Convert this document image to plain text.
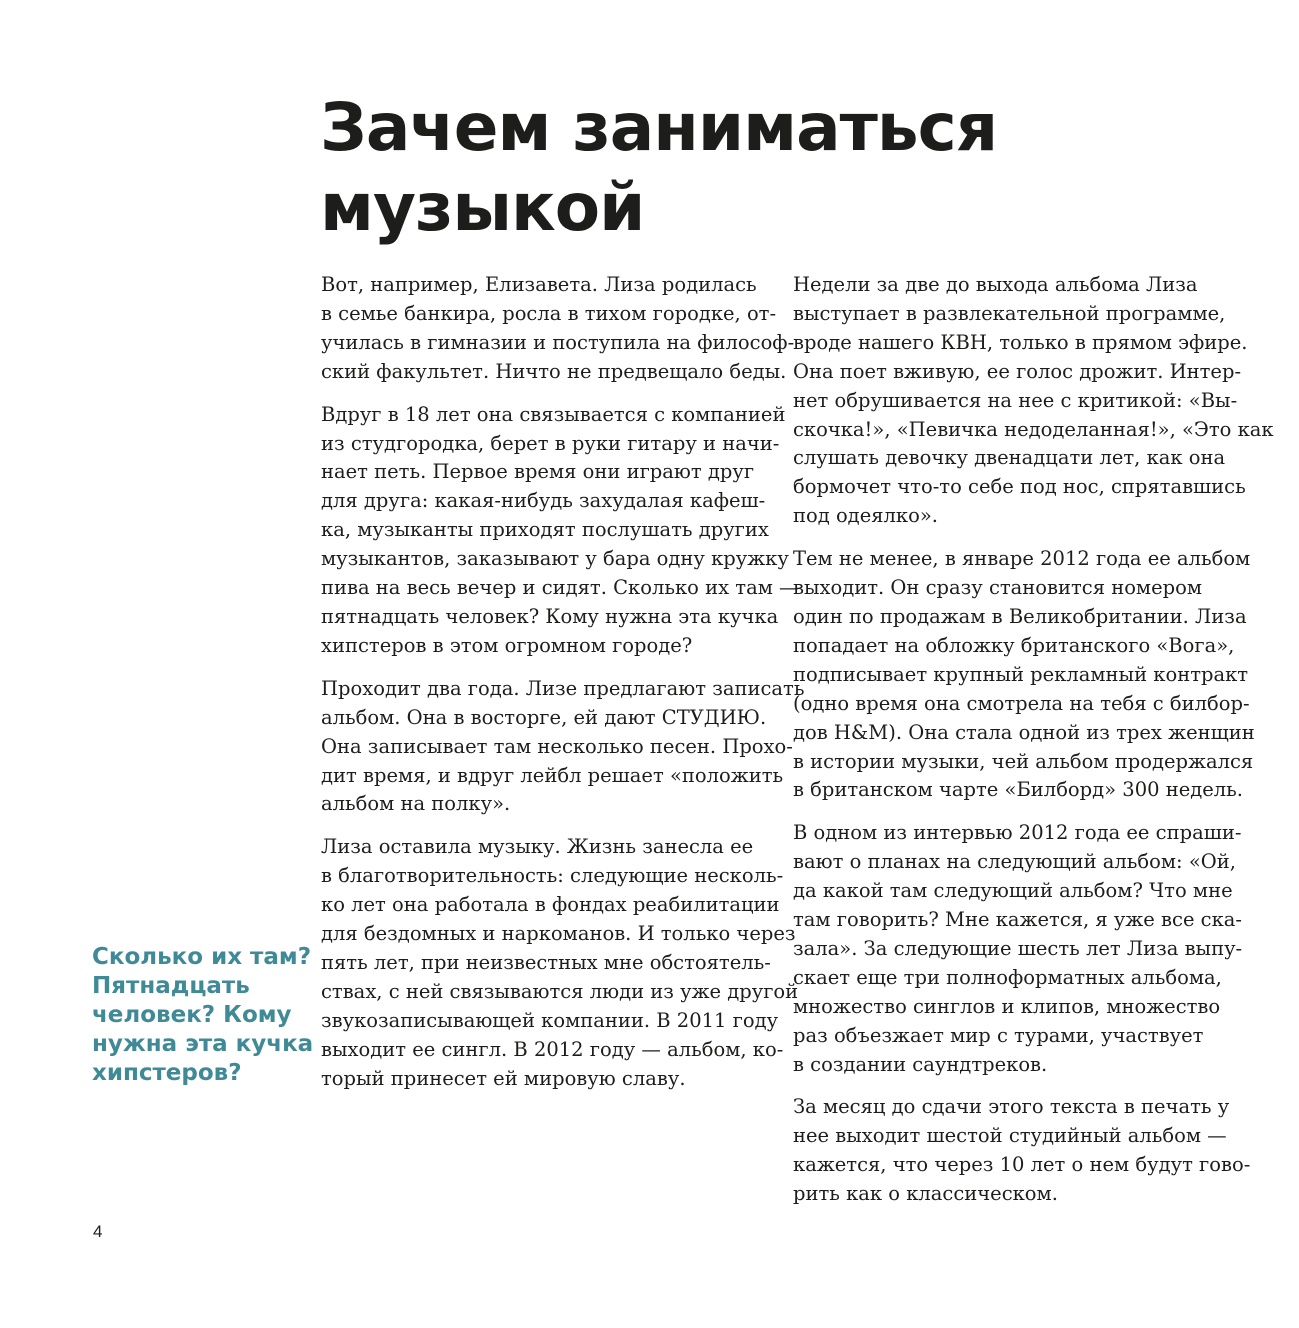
Зачем заниматься
музыкой

Вот, например, Елизавета. Лиза родилась
в семье банкира, росла в тихом городке, от-
училась в гимназии и поступила на философ-
ский факультет. Ничто не предвещало беды.

Вдруг в 18 лет она связывается с компанией
из студгородка, берет в руки гитару и начи-
нает петь. Первое время они играют друг
для друга: какая-нибудь захудалая кафеш-
ка, музыканты приходят послушать других
музыкантов, заказывают у бара одну кружку
пива на весь вечер и сидят. Сколько их там —
пятнадцать человек? Кому нужна эта кучка
хипстеров в этом огромном городе?

Проходит два года. Лизе предлагают записать
альбом. Она в восторге, ей дают СТУДИЮ.
Она записывает там несколько песен. Прохо-
дит время, и вдруг лейбл решает «положить
альбом на полку».

Лиза оставила музыку. Жизнь занесла ее
в благотворительность: следующие несколь-
ко лет она работала в фондах реабилитации
для бездомных и наркоманов. И только через
пять лет, при неизвестных мне обстоятель-
ствах, с ней связываются люди из уже другой
звукозаписывающей компании. В 2011 году
выходит ее сингл. В 2012 году — альбом, ко-
торый принесет ей мировую славу.

Недели за две до выхода альбома Лиза
выступает в развлекательной программе,
вроде нашего КВН, только в прямом эфире.
Она поет вживую, ее голос дрожит. Интер-
нет обрушивается на нее с критикой: «Вы-
скочка!», «Певичка недоделанная!», «Это как
слушать девочку двенадцати лет, как она
бормочет что-то себе под нос, спрятавшись
под одеялко».

Тем не менее, в январе 2012 года ее альбом
выходит. Он сразу становится номером
один по продажам в Великобритании. Лиза
попадает на обложку британского «Вога»,
подписывает крупный рекламный контракт
(одно время она смотрела на тебя с билбор-
дов H&M). Она стала одной из трех женщин
в истории музыки, чей альбом продержался
в британском чарте «Билборд» 300 недель.

В одном из интервью 2012 года ее спраши-
вают о планах на следующий альбом: «Ой,
да какой там следующий альбом? Что мне
там говорить? Мне кажется, я уже все ска-
зала». За следующие шесть лет Лиза выпу-
скает еще три полноформатных альбома,
множество синглов и клипов, множество
раз объезжает мир с турами, участвует
в создании саундтреков.

За месяц до сдачи этого текста в печать у
нее выходит шестой студийный альбом —
кажется, что через 10 лет о нем будут гово-
рить как о классическом.

Сколько их там?
Пятнадцать
человек? Кому
нужна эта кучка
хипстеров?
4
